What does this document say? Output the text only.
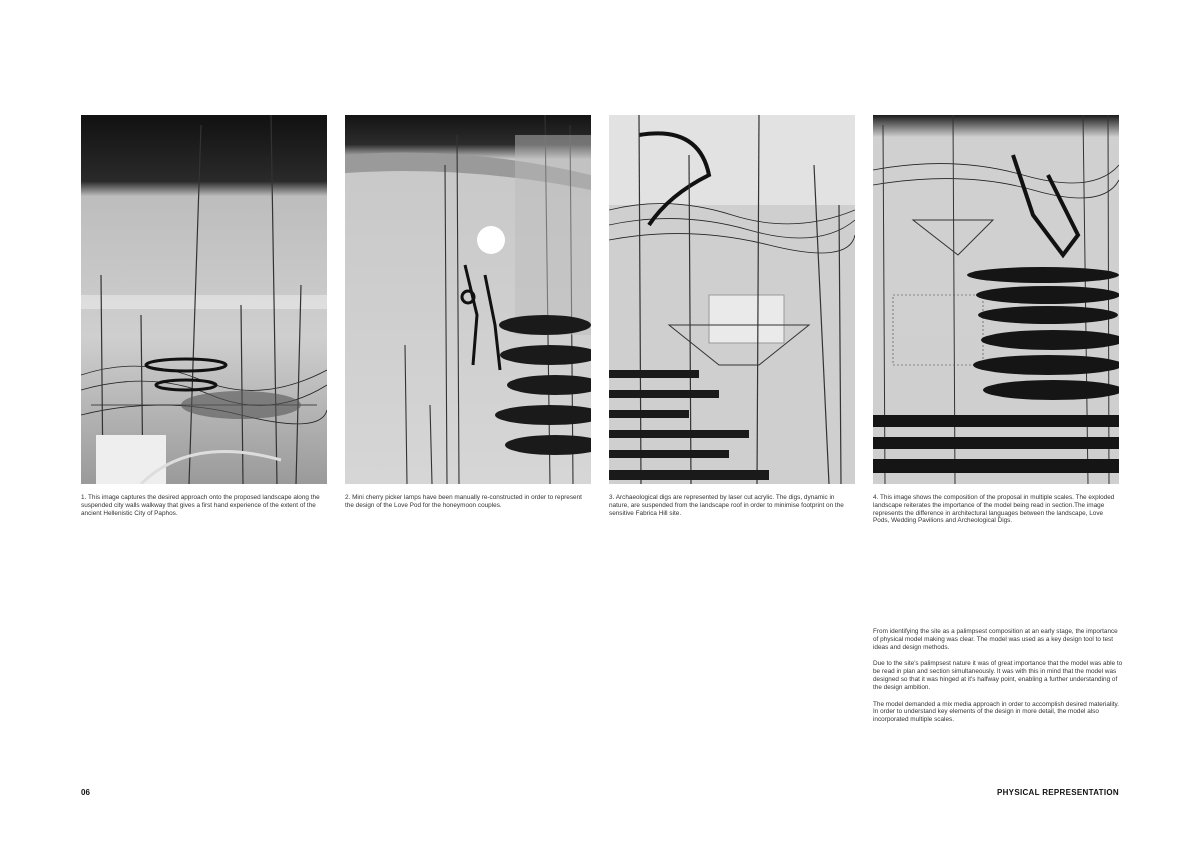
1. This image captures the desired approach onto the proposed landscape along the suspended city walls walkway that gives a first hand experience of the extent of the ancient Hellenistic City of Paphos.

2. Mini cherry picker lamps have been manually re-constructed in order to represent the design of the Love Pod for the honeymoon couples.

3. Archaeological digs are represented by laser cut acrylic. The digs, dynamic in nature, are suspended from the landscape roof in order to minimise footprint on the sensitive Fabrica Hill site.

4. This image shows the composition of the proposal in multiple scales. The exploded landscape reiterates the importance of the model being read in section.The image represents the difference in architectural languages between the landscape, Love Pods, Wedding Pavilions and Archeological Digs.

From identifying the site as a palimpsest composition at an early stage, the importance of physical model making was clear. The model was used as a key design tool to test ideas and design methods.

Due to the site's palimpsest nature it was of great importance that the model was able to be read in plan and section simultaneously. It was with this in mind that the model was designed so that it was hinged at it's halfway point, enabling a further understanding of the design ambition.

The model demanded a mix media approach in order to accomplish desired materiality. In order to understand key elements of the design in more detail, the model also incorporated multiple scales.

06	PHYSICAL REPRESENTATION
